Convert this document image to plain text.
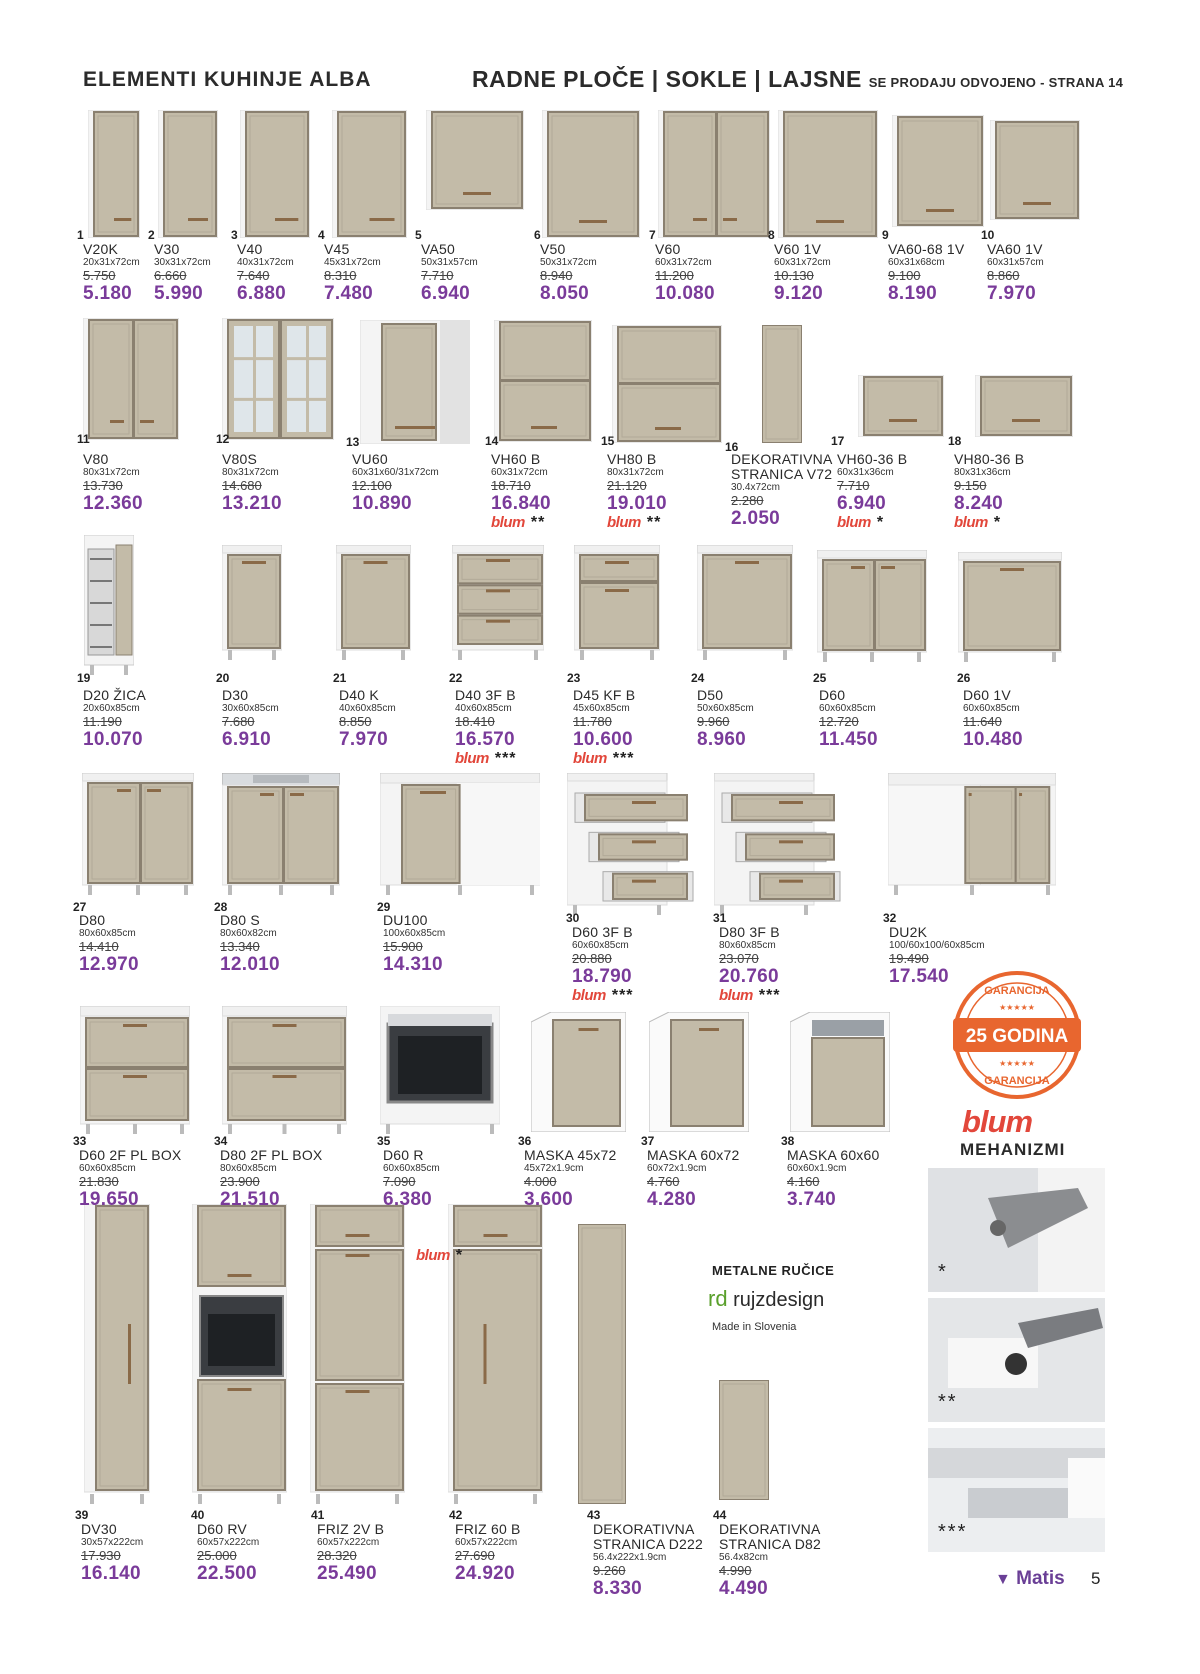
ELEMENTI KUHINJE ALBA	RADNE PLOČE | SOKLE | LAJSNE SE PRODAJU ODVOJENO - STRANA 14
1
V20K
20x31x72cm
5.750
5.180
2
V30
30x31x72cm
6.660
5.990
3
V40
40x31x72cm
7.640
6.880
4
V45
45x31x72cm
8.310
7.480
5
VA50
50x31x57cm
7.710
6.940
6
V50
50x31x72cm
8.940
8.050
7
V60
60x31x72cm
11.200
10.080
8
V60 1V
60x31x72cm
10.130
9.120
9
VA60-68 1V
60x31x68cm
9.100
8.190
10
VA60 1V
60x31x57cm
8.860
7.970
11
V80
80x31x72cm
13.730
12.360
12
V80S
80x31x72cm
14.680
13.210
13
VU60
60x31x60/31x72cm
12.100
10.890
14
VH60 B
60x31x72cm
18.710
16.840
blum **
15
VH80 B
80x31x72cm
21.120
19.010
blum **
16
DEKORATIVNA
STRANICA V72
30.4x72cm
2.280
2.050
17
VH60-36 B
60x31x36cm
7.710
6.940
blum *
18
VH80-36 B
80x31x36cm
9.150
8.240
blum *
19
D20 ŽICA
20x60x85cm
11.190
10.070
20
D30
30x60x85cm
7.680
6.910
21
D40 K
40x60x85cm
8.850
7.970
22
D40 3F B
40x60x85cm
18.410
16.570
blum ***
23
D45 KF B
45x60x85cm
11.780
10.600
blum ***
24
D50
50x60x85cm
9.960
8.960
25
D60
60x60x85cm
12.720
11.450
26
D60 1V
60x60x85cm
11.640
10.480
27
D80
80x60x85cm
14.410
12.970
28
D80 S
80x60x82cm
13.340
12.010
29
DU100
100x60x85cm
15.900
14.310
30
D60 3F B
60x60x85cm
20.880
18.790
blum ***
31
D80 3F B
80x60x85cm
23.070
20.760
blum ***
32
DU2K
100/60x100/60x85cm
19.490
17.540
33
D60 2F PL BOX
60x60x85cm
21.830
19.650
34
D80 2F PL BOX
80x60x85cm
23.900
21.510
35
D60 R
60x60x85cm
7.090
6.380
36
MASKA 45x72
45x72x1.9cm
4.000
3.600
37
MASKA 60x72
60x72x1.9cm
4.760
4.280
38
MASKA 60x60
60x60x1.9cm
4.160
3.740
39
DV30
30x57x222cm
17.930
16.140
40
D60 RV
60x57x222cm
25.000
22.500
41
FRIZ 2V B
60x57x222cm
28.320
25.490
42
FRIZ 60 B
60x57x222cm
27.690
24.920
43
DEKORATIVNA
STRANICA D222
56.4x222x1.9cm
9.260
8.330
44
DEKORATIVNA
STRANICA D82
56.4x82cm
4.990
4.490
blum *
GARANCIJA
25 GODINA
GARANCIJA
★★★★★
★★★★★
blum
MEHANIZMI
*
**
***
METALNE RUČICE
rd rujzdesign
Made in Slovenia
▼ Matis 5
